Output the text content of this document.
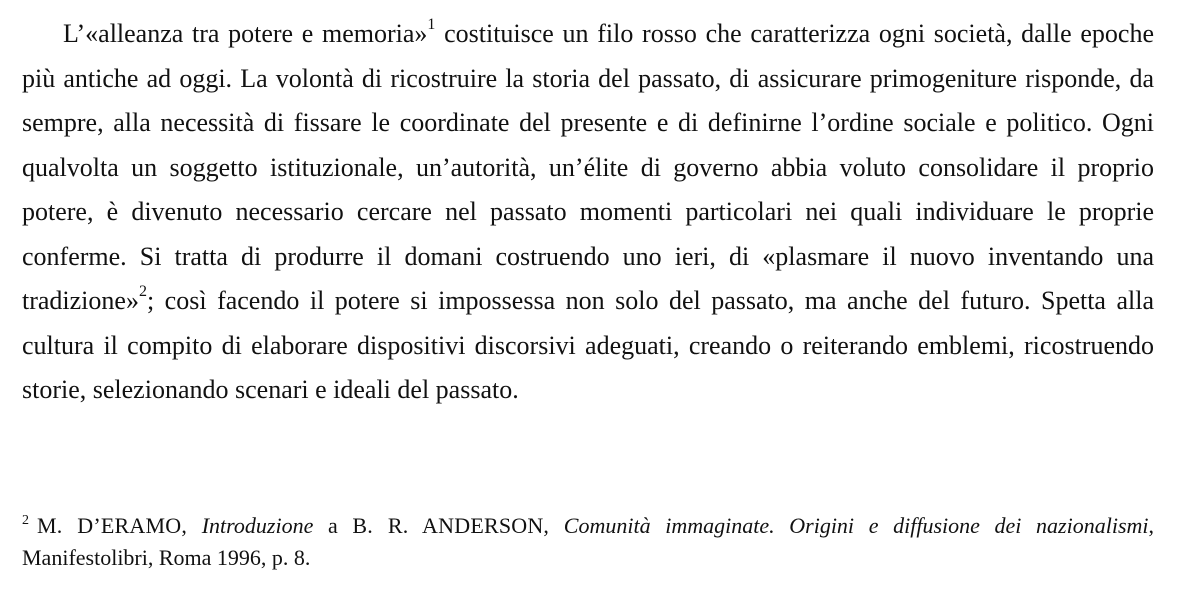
L’«alleanza tra potere e memoria»$^1$ costituisce un filo rosso che caratterizza ogni società, dalle epoche più antiche ad oggi. La volontà di ricostruire la storia del passato, di assicurare primogeniture risponde, da sempre, alla necessità di fissare le coordinate del presente e di definirne l’ordine sociale e politico. Ogni qualvolta un soggetto istituzionale, un’autorità, un’élite di governo abbia voluto consolidare il proprio potere, è divenuto necessario cercare nel passato momenti particolari nei quali individuare le proprie conferme. Si tratta di produrre il domani costruendo uno ieri, di «plasmare il nuovo inventando una tradizione»$^2$; così facendo il potere si impossessa non solo del passato, ma anche del futuro. Spetta alla cultura il compito di elaborare dispositivi discorsivi adeguati, creando o reiterando emblemi, ricostruendo storie, selezionando scenari e ideali del passato.

$^2$ M. D’ERAMO, Introduzione a B. R. ANDERSON, Comunità immaginate. Origini e diffusione dei nazionalismi, Manifestolibri, Roma 1996, p. 8.
